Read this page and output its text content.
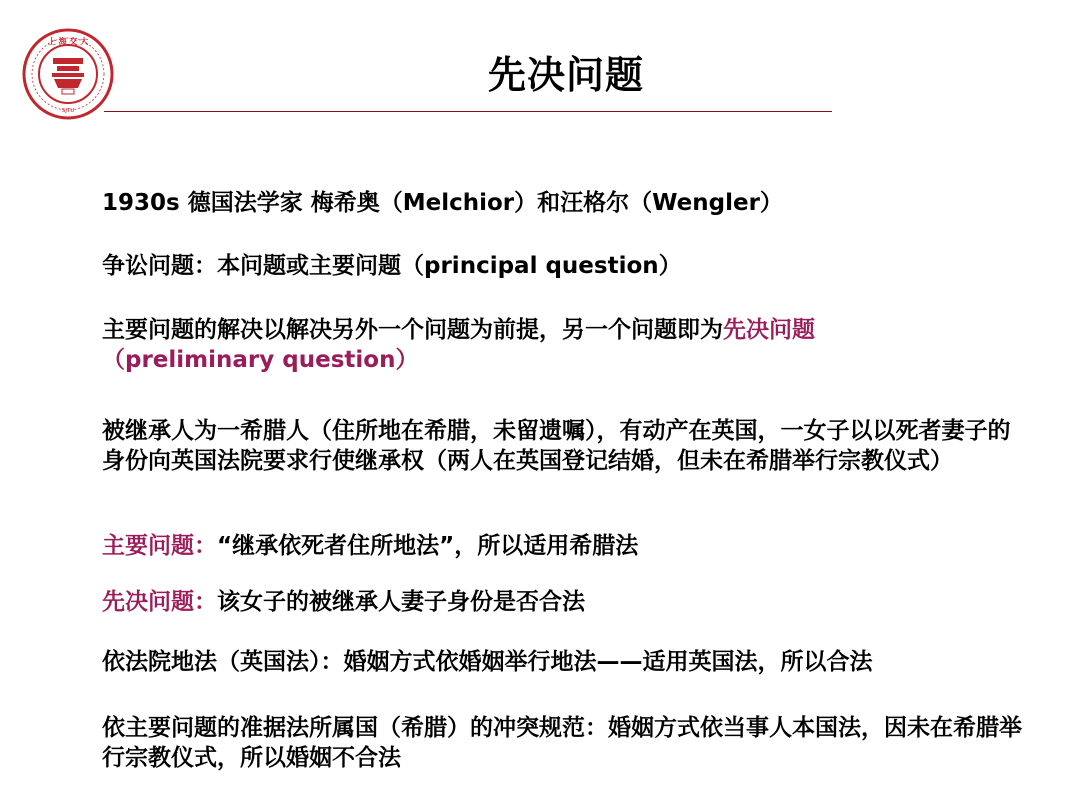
上 海 交 大
SJTU
先决问题
1930s 德国法学家 梅希奥（Melchior）和汪格尔（Wengler）
争讼问题：本问题或主要问题（principal question）
主要问题的解决以解决另外一个问题为前提，另一个问题即为先决问题
（preliminary question）
被继承人为一希腊人（住所地在希腊，未留遗嘱），有动产在英国，一女子以以死者妻子的身份向英国法院要求行使继承权（两人在英国登记结婚，但未在希腊举行宗教仪式）
主要问题：“继承依死者住所地法”，所以适用希腊法
先决问题：该女子的被继承人妻子身份是否合法
依法院地法（英国法）：婚姻方式依婚姻举行地法——适用英国法，所以合法
依主要问题的准据法所属国（希腊）的冲突规范：婚姻方式依当事人本国法，因未在希腊举行宗教仪式，所以婚姻不合法
